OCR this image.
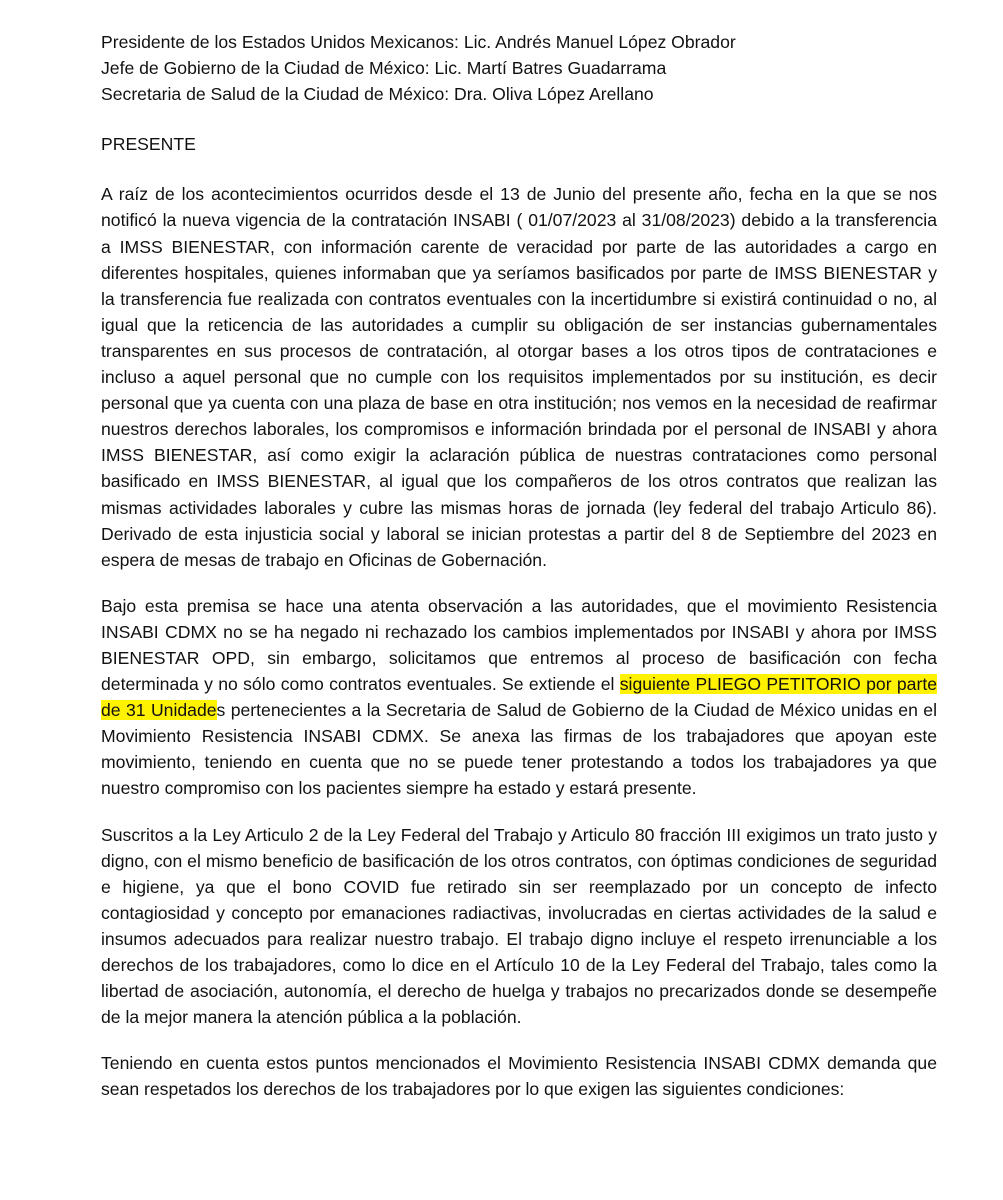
Presidente de los Estados Unidos Mexicanos: Lic. Andrés Manuel López Obrador
Jefe de Gobierno de la Ciudad de México: Lic. Martí Batres Guadarrama
Secretaria de Salud de la Ciudad de México: Dra. Oliva López Arellano
PRESENTE

A raíz de los acontecimientos ocurridos desde el 13 de Junio del presente año, fecha en la que se nos notificó la nueva vigencia de la contratación INSABI ( 01/07/2023 al 31/08/2023) debido a la transferencia a IMSS BIENESTAR, con información carente de veracidad por parte de las autoridades a cargo en diferentes hospitales, quienes informaban que ya seríamos basificados por parte de IMSS BIENESTAR y la transferencia fue realizada con contratos eventuales con la incertidumbre si existirá continuidad o no, al igual que la reticencia de las autoridades a cumplir su obligación de ser instancias gubernamentales transparentes en sus procesos de contratación, al otorgar bases a los otros tipos de contrataciones e incluso a aquel personal que no cumple con los requisitos implementados por su institución, es decir personal que ya cuenta con una plaza de base en otra institución; nos vemos en la necesidad de reafirmar nuestros derechos laborales, los compromisos e información brindada por el personal de INSABI y ahora IMSS BIENESTAR, así como exigir la aclaración pública de nuestras contrataciones como personal basificado en IMSS BIENESTAR, al igual que los compañeros de los otros contratos que realizan las mismas actividades laborales y cubre las mismas horas de jornada (ley federal del trabajo Articulo 86). Derivado de esta injusticia social y laboral se inician protestas a partir del 8 de Septiembre del 2023 en espera de mesas de trabajo en Oficinas de Gobernación.

Bajo esta premisa se hace una atenta observación a las autoridades, que el movimiento Resistencia INSABI CDMX no se ha negado ni rechazado los cambios implementados por INSABI y ahora por IMSS BIENESTAR OPD, sin embargo, solicitamos que entremos al proceso de basificación con fecha determinada y no sólo como contratos eventuales. Se extiende el siguiente PLIEGO PETITORIO por parte de 31 Unidades pertenecientes a la Secretaria de Salud de Gobierno de la Ciudad de México unidas en el Movimiento Resistencia INSABI CDMX. Se anexa las firmas de los trabajadores que apoyan este movimiento, teniendo en cuenta que no se puede tener protestando a todos los trabajadores ya que nuestro compromiso con los pacientes siempre ha estado y estará presente.

Suscritos a la Ley Articulo 2 de la Ley Federal del Trabajo y Articulo 80 fracción III exigimos un trato justo y digno, con el mismo beneficio de basificación de los otros contratos, con óptimas condiciones de seguridad e higiene, ya que el bono COVID fue retirado sin ser reemplazado por un concepto de infecto contagiosidad y concepto por emanaciones radiactivas, involucradas en ciertas actividades de la salud e insumos adecuados para realizar nuestro trabajo. El trabajo digno incluye el respeto irrenunciable a los derechos de los trabajadores, como lo dice en el Artículo 10 de la Ley Federal del Trabajo, tales como la libertad de asociación, autonomía, el derecho de huelga y trabajos no precarizados donde se desempeñe de la mejor manera la atención pública a la población.

Teniendo en cuenta estos puntos mencionados el Movimiento Resistencia INSABI CDMX demanda que sean respetados los derechos de los trabajadores por lo que exigen las siguientes condiciones:
